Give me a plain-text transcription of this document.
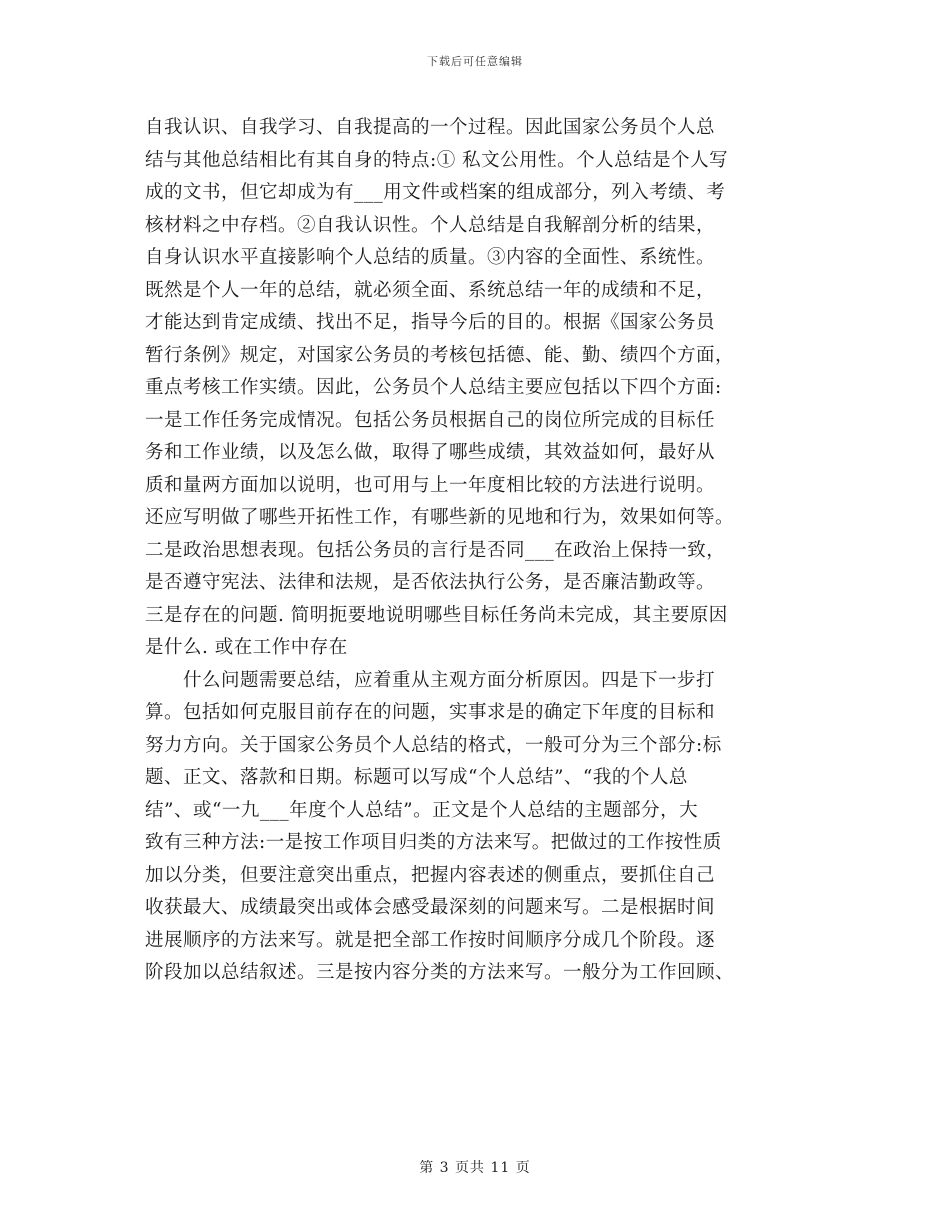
下载后可任意编辑
自我认识、自我学习、自我提高的一个过程。因此国家公务员个人总
结与其他总结相比有其自身的特点:① 私文公用性。个人总结是个人写
成的文书，但它却成为有___用文件或档案的组成部分，列入考绩、考
核材料之中存档。②自我认识性。个人总结是自我解剖分析的结果，
自身认识水平直接影响个人总结的质量。③内容的全面性、系统性。
既然是个人一年的总结，就必须全面、系统总结一年的成绩和不足，
才能达到肯定成绩、找出不足，指导今后的目的。根据《国家公务员
暂行条例》规定，对国家公务员的考核包括德、能、勤、绩四个方面，
重点考核工作实绩。因此，公务员个人总结主要应包括以下四个方面:
一是工作任务完成情况。包括公务员根据自己的岗位所完成的目标任
务和工作业绩，以及怎么做，取得了哪些成绩，其效益如何，最好从
质和量两方面加以说明，也可用与上一年度相比较的方法进行说明。
还应写明做了哪些开拓性工作，有哪些新的见地和行为，效果如何等。
二是政治思想表现。包括公务员的言行是否同___在政治上保持一致，
是否遵守宪法、法律和法规，是否依法执行公务，是否廉洁勤政等。
三是存在的问题. 简明扼要地说明哪些目标任务尚未完成，其主要原因
是什么. 或在工作中存在
什么问题需要总结，应着重从主观方面分析原因。四是下一步打
算。包括如何克服目前存在的问题，实事求是的确定下年度的目标和
努力方向。关于国家公务员个人总结的格式，一般可分为三个部分:标
题、正文、落款和日期。标题可以写成“个人总结”、“我的个人总
结”、或“一九___年度个人总结”。正文是个人总结的主题部分，大
致有三种方法:一是按工作项目归类的方法来写。把做过的工作按性质
加以分类，但要注意突出重点，把握内容表述的侧重点，要抓住自己
收获最大、成绩最突出或体会感受最深刻的问题来写。二是根据时间
进展顺序的方法来写。就是把全部工作按时间顺序分成几个阶段。逐
阶段加以总结叙述。三是按内容分类的方法来写。一般分为工作回顾、
第 3 页共 11 页
